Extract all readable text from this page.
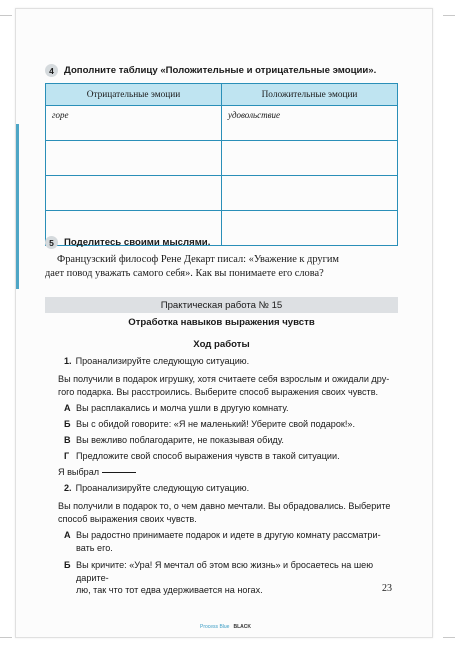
4	Дополните таблицу «Положительные и отрицательные эмоции».
Отрицательные эмоции	Положительные эмоции
горе	удовольствие

5	Поделитесь своими мыслями.
Французский философ Рене Декарт писал: «Уважение к другим
дает повод уважать самого себя». Как вы понимаете его слова?
Практическая работа № 15
Отработка навыков выражения чувств
Ход работы
1. Проанализируйте следующую ситуацию.
Вы получили в подарок игрушку, хотя считаете себя взрослым и ожидали дру-
гого подарка. Вы расстроились. Выберите способ выражения своих чувств.
А Вы расплакались и молча ушли в другую комнату.
Б Вы с обидой говорите: «Я не маленький! Уберите свой подарок!».
В Вы вежливо поблагодарите, не показывая обиду.
Г Предложите свой способ выражения чувств в такой ситуации.
Я выбрал
2. Проанализируйте следующую ситуацию.
Вы получили в подарок то, о чем давно мечтали. Вы обрадовались. Выберите
способ выражения своих чувств.
А Вы радостно принимаете подарок и идете в другую комнату рассматри-
вать его.
Б Вы кричите: «Ура! Я мечтал об этом всю жизнь» и бросаетесь на шею дарите-
лю, так что тот едва удерживается на ногах.	23
Process Blue BLACK
